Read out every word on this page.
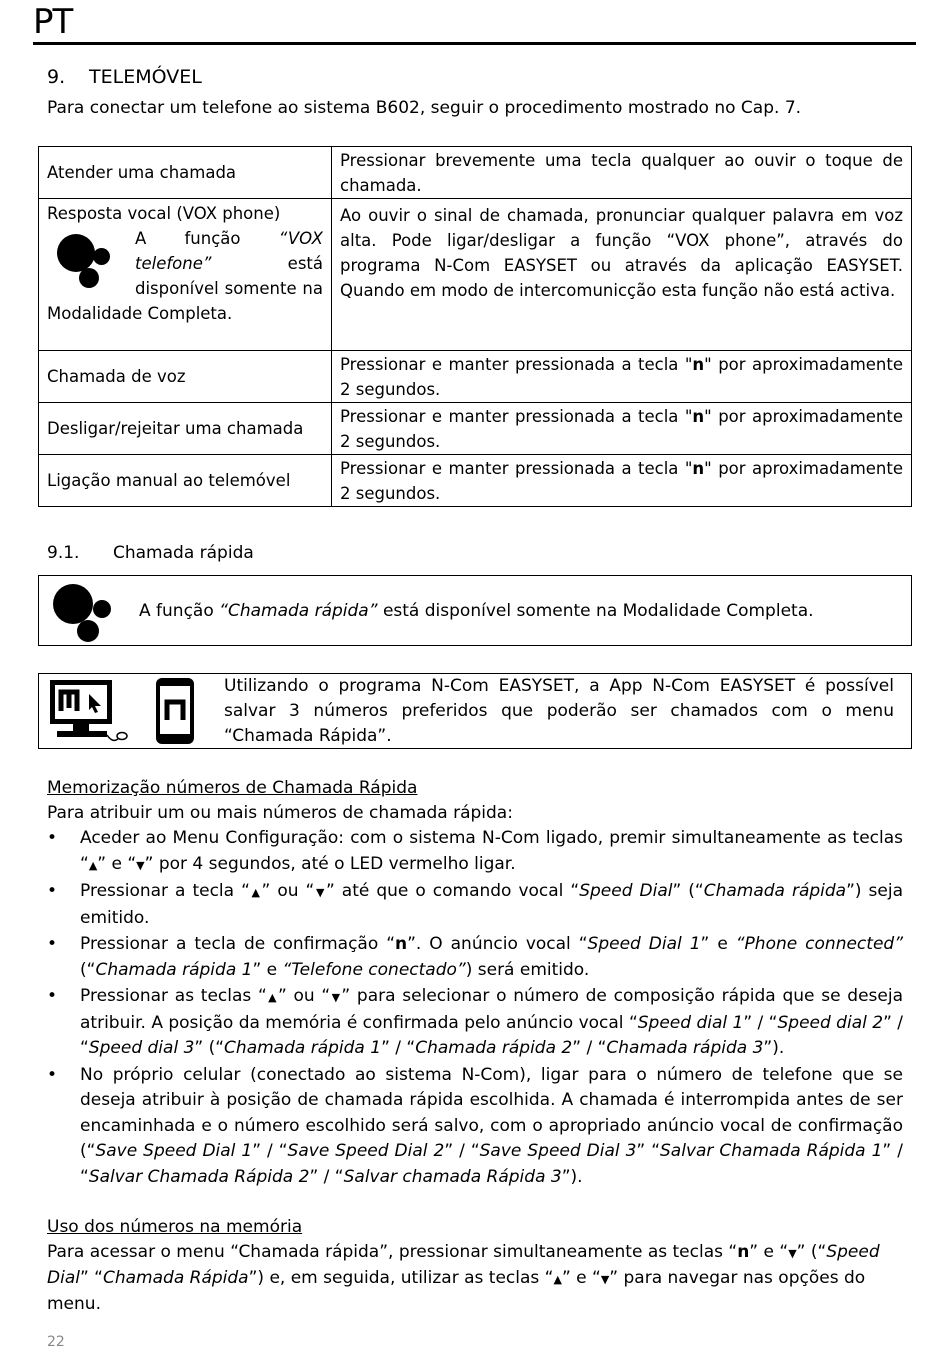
PT
9. TELEMÓVEL
Para conectar um telefone ao sistema B602, seguir o procedimento mostrado no Cap. 7.
Atender uma chamada	Pressionar brevemente uma tecla qualquer ao ouvir o toque de chamada.

Resposta vocal (VOX phone)
A função “VOX telefone” está disponível somente na Modalidade Completa.	Ao ouvir o sinal de chamada, pronunciar qualquer palavra em voz alta. Pode ligar/desligar a função “VOX phone”, através do programa N-Com EASYSET ou através da aplicação EASYSET. Quando em modo de intercomunicção esta função não está activa.
Chamada de voz	Pressionar e manter pressionada a tecla "n" por aproximadamente 2 segundos.
Desligar/rejeitar uma chamada	Pressionar e manter pressionada a tecla "n" por aproximadamente 2 segundos.
Ligação manual ao telemóvel	Pressionar e manter pressionada a tecla "n" por aproximadamente 2 segundos.
9.1. Chamada rápida
A função “Chamada rápida” está disponível somente na Modalidade Completa.
Utilizando o programa N-Com EASYSET, a App N-Com EASYSET é possível salvar 3 números preferidos que poderão ser chamados com o menu “Chamada Rápida”.
Memorização números de Chamada Rápida
Para atribuir um ou mais números de chamada rápida:
• Aceder ao Menu Configuração: com o sistema N-Com ligado, premir simultaneamente as teclas “▲” e “▼” por 4 segundos, até o LED vermelho ligar.
• Pressionar a tecla “▲” ou “▼” até que o comando vocal “Speed Dial” (“Chamada rápida”) seja emitido.
• Pressionar a tecla de confirmação “n”. O anúncio vocal “Speed Dial 1” e “Phone connected” (“Chamada rápida 1” e “Telefone conectado”) será emitido.
• Pressionar as teclas “▲” ou “▼” para selecionar o número de composição rápida que se deseja atribuir. A posição da memória é confirmada pelo anúncio vocal “Speed dial 1” / “Speed dial 2” / “Speed dial 3” (“Chamada rápida 1” / “Chamada rápida 2” / “Chamada rápida 3”).
• No próprio celular (conectado ao sistema N-Com), ligar para o número de telefone que se deseja atribuir à posição de chamada rápida escolhida. A chamada é interrompida antes de ser encaminhada e o número escolhido será salvo, com o apropriado anúncio vocal de confirmação (“Save Speed Dial 1” / “Save Speed Dial 2” / “Save Speed Dial 3” “Salvar Chamada Rápida 1” / “Salvar Chamada Rápida 2” / “Salvar chamada Rápida 3”).
Uso dos números na memória
Para acessar o menu “Chamada rápida”, pressionar simultaneamente as teclas “n” e “▼” (“Speed Dial” “Chamada Rápida”) e, em seguida, utilizar as teclas “▲” e “▼” para navegar nas opções do menu.
22
